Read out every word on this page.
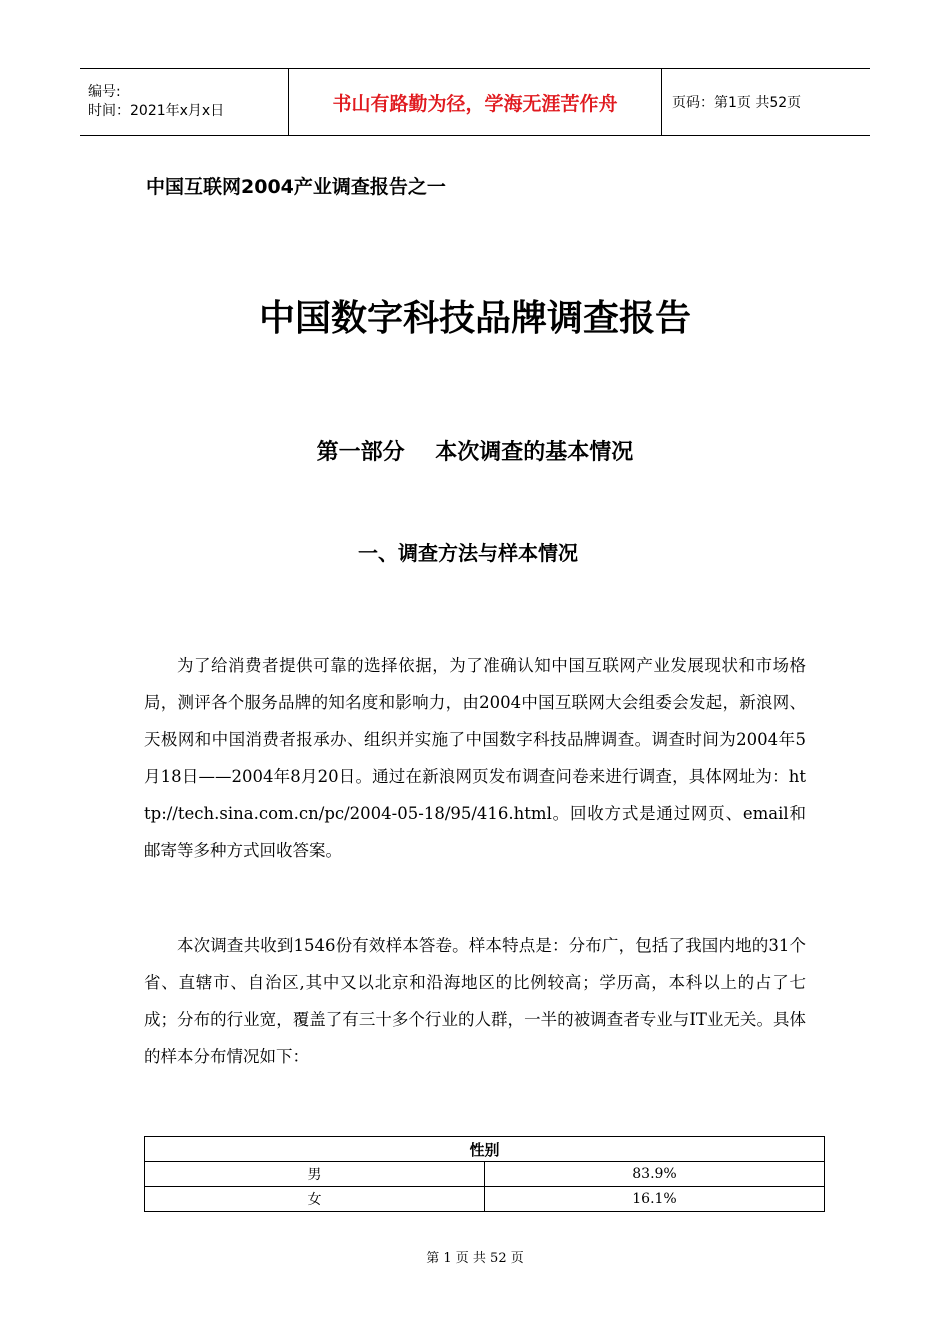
编号:
时间：2021年x月x日	书山有路勤为径，学海无涯苦作舟	页码：第1页 共52页
中国互联网2004产业调查报告之一
中国数字科技品牌调查报告
第一部分    本次调查的基本情况
一、调查方法与样本情况

为了给消费者提供可靠的选择依据，为了准确认知中国互联网产业发展现状和市场格局，测评各个服务品牌的知名度和影响力，由2004中国互联网大会组委会发起，新浪网、天极网和中国消费者报承办、组织并实施了中国数字科技品牌调查。调查时间为2004年5月18日——2004年8月20日。通过在新浪网页发布调查问卷来进行调查，具体网址为：http://tech.sina.com.cn/pc/2004-05-18/95/416.html。回收方式是通过网页、email和邮寄等多种方式回收答案。

本次调查共收到1546份有效样本答卷。样本特点是：分布广，包括了我国内地的31个省、直辖市、自治区,其中又以北京和沿海地区的比例较高；学历高，本科以上的占了七成；分布的行业宽，覆盖了有三十多个行业的人群，一半的被调查者专业与IT业无关。具体的样本分布情况如下：

性别	
男	83.9%
女	16.1%
第 1 页 共 52 页
